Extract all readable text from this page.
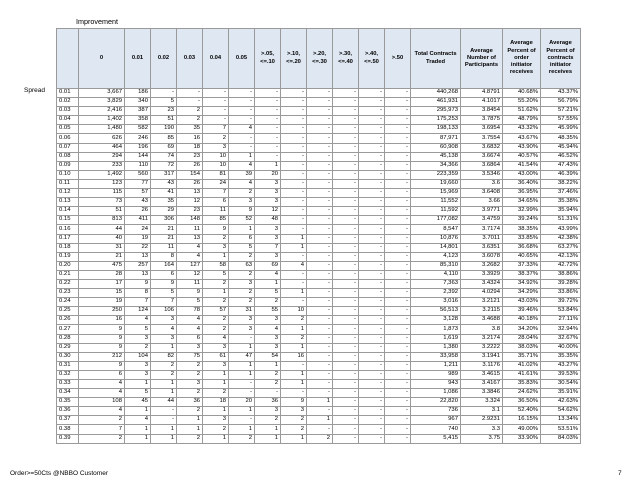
Improvement
Spread
	0	0.01	0.02	0.03	0.04	0.05	>.05, <=.10	>.10, <=.20	>.20, <=.30	>.30, <=.40	>.40, <=.50	>.50	Total Contracts Traded	Average Number of Participants	Average Percent of order initiator receives	Average Percent of contracts initiator receives
0.01	3,667	186	-	-	-	-	-	-	-	-	-	-	440,268	4.8791	40.68%	43.37%
0.02	3,829	340	5	-	-	-	-	-	-	-	-	-	461,931	4.1017	55.20%	56.79%
0.03	2,416	387	23	2	-	-	-	-	-	-	-	-	295,973	3.8454	51.62%	57.21%
0.04	1,402	358	51	2	-	-	-	-	-	-	-	-	175,253	3.7875	48.79%	57.55%
0.05	1,480	582	190	35	7	4	-	-	-	-	-	-	198,133	3.6954	43.32%	45.99%
0.06	626	246	85	16	2	-	-	-	-	-	-	-	87,971	3.7554	43.67%	48.35%
0.07	464	196	69	18	3	-	-	-	-	-	-	-	60,908	3.6832	43.90%	45.94%
0.08	294	144	74	23	10	1	-	-	-	-	-	-	45,138	3.6674	40.57%	46.52%
0.09	233	110	72	26	10	4	1	-	-	-	-	-	34,366	3.6864	41.54%	47.43%
0.10	1,492	560	317	154	81	39	20	-	-	-	-	-	223,359	3.5346	43.00%	46.39%
0.11	123	77	43	26	24	4	3	-	-	-	-	-	19,660	3.6	36.40%	38.22%
0.12	115	57	41	13	7	2	3	-	-	-	-	-	15,969	3.6408	36.95%	37.46%
0.13	73	43	35	12	6	3	3	-	-	-	-	-	11,552	3.66	34.65%	35.38%
0.14	51	26	29	23	11	9	12	-	-	-	-	-	11,592	3.9771	32.99%	35.94%
0.15	813	411	306	148	85	52	48	-	-	-	-	-	177,082	3.4759	39.24%	51.31%
0.16	44	24	21	11	9	1	3	-	-	-	-	-	8,547	3.7174	38.35%	43.99%
0.17	40	19	21	13	2	6	3	1	-	-	-	-	10,876	3.7011	33.85%	42.38%
0.18	31	22	11	4	3	5	7	1	-	-	-	-	14,801	3.6351	36.68%	63.27%
0.19	21	13	8	4	1	2	3	-	-	-	-	-	4,123	3.6078	40.65%	42.13%
0.20	475	257	164	127	58	63	69	4	-	-	-	-	85,310	3.2682	37.33%	42.72%
0.21	28	13	6	12	5	2	4	-	-	-	-	-	4,110	3.3929	38.37%	38.86%
0.22	17	9	9	11	2	3	1	-	-	-	-	-	7,363	3.4324	34.92%	39.28%
0.23	15	8	5	9	1	2	5	1	-	-	-	-	2,392	4.0294	34.29%	33.86%
0.24	19	7	7	5	2	2	2	-	-	-	-	-	3,016	3.2121	43.03%	39.72%
0.25	250	124	106	78	57	31	55	10	-	-	-	-	56,513	3.2115	39.46%	53.84%
0.26	16	4	3	4	2	3	3	2	-	-	-	-	3,128	3.4688	40.18%	27.11%
0.27	9	5	4	4	2	3	4	1	-	-	-	-	1,873	3.8	34.20%	32.94%
0.28	9	3	3	6	4	-	3	2	-	-	-	-	1,619	3.2174	28.04%	32.67%
0.29	9	2	1	3	3	1	3	1	-	-	-	-	1,380	3.2222	38.03%	40.00%
0.30	212	104	82	75	61	47	54	16	-	-	-	-	33,958	3.1941	35.71%	35.35%
0.31	9	3	2	2	3	1	1	-	-	-	-	-	1,211	3.1176	41.02%	43.27%
0.32	6	3	2	2	1	1	2	1	-	-	-	-	989	3.4615	41.61%	39.53%
0.33	4	1	1	3	1	-	2	1	-	-	-	-	943	3.4167	35.83%	30.54%
0.34	4	5	1	2	2	-	-	-	-	-	-	-	1,086	3.3846	24.62%	35.91%
0.35	108	45	44	36	18	20	36	9	1	-	-	-	22,820	3.324	36.50%	42.63%
0.36	4	1	-	2	1	1	3	3	-	-	-	-	736	3.1	52.40%	54.62%
0.37	2	4	-	1	3	-	2	2	1	-	-	-	967	2.9231	16.15%	13.34%
0.38	7	1	1	1	2	1	1	2	-	-	-	-	740	3.3	49.00%	53.51%
0.39	2	1	1	2	1	2	1	1	2	-	-	-	5,415	3.75	33.90%	84.03%
Order>=50Cts @NBBO Customer	7
